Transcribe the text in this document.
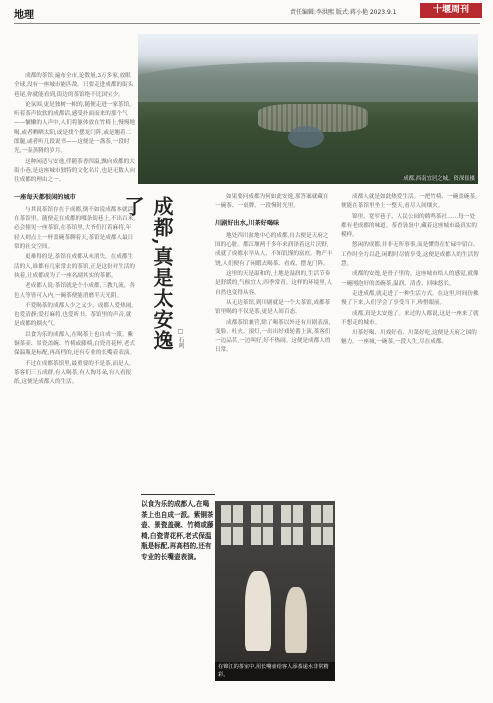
地理	责任编辑:李洪熙 版式:蒋小艳 2023.9.1	十堰周刊

成都的茶馆,遍布全市,论数量,3万多家,放眼全球,没有一座城市能匹敌。只要走进成都的街头巷尾,你就能看到,街边的茶馆绝不比国宝少。

论氛围,更是独树一帜的,随便走进一家茶馆,听着茶声软软的成都话,感受扑面而来的那个气——慵懒的人声中,人们将躯体放在竹椅上,慢慢地喝,或者晒晒太阳,或是找个摆龙门阵,或是翘着二郎腿,或者听几段说书——这便是一盏茶,一段时光,一壶蒸腾的岁月。

这种闲适与安逸,伴随茶香四溢,飘向成都的大街小巷,是这座城市独特的文化名片,也是无数人向往成都的理由之一。

一座每天都很闲的城市

与其说茶馆存在于成都,倒不如说成都本就活在茶馆里。随便走在成都的哪条街巷上,不出百米,必会撞见一座茶馆,在茶馆里,大爷们打着麻将,年轻人则点上一杯盖碗茶聊着天,茶馆是成都人最日常的社交空间。

更难得的是,茶馆在成都从未消失。在成都生活的人,谁都有几家常去的茶馆,正是这份对生活的执着,让成都成为了一座名副其实的茶都。

老成都人说:茶馆就是个小成都,三教九流、各色人等皆可入内,一碗茶便能消磨半天光阴。

不爱喝茶的成都人少之又少。成都人爱热闹,也爱清静;爱打麻将,也爱听书。茶馆里的声音,就是成都的烟火气。

以食为乐的成都人,在喝茶上也自成一派。紫铜茶壶、景瓷盖碗、竹椅或藤椅,白瓷青花杯,老式保温瓶是标配,再高档的,还有专业的长嘴壶表演。

不过在成都茶馆里,最重要的不是茶,而是人。茶客们三五成群,有人喝茶,有人掏耳朵,有人看报纸,这便是成都人的生活。

成都,西南宜居之城。资深崔摄
成都,真是太安逸了
□ 石鸣

如果要问成都为何如此安逸,那答案就藏在一碗茶、一桌牌、一段慢时光里。

川剧好出水,川茶好喝味

地处四川盆地中心的成都,自古便是天府之国的心脏。都江堰两千多年来润泽着这片沃野,成就了成都水旱从人、不知饥馑的富庶。物产丰饶,人们便有了闲暇去喝茶、看戏、摆龙门阵。

这里的天是温和的,土地是湿润的,生活节奏是舒缓的,气候宜人,四季常青。这样的环境里,人自然也变得从容。

从无边茶馆,到川剧就是一个大茶馆,成都茶馆里喝的不仅是茶,更是人间百态。

成都茶馆兼营,除了喝茶以外还有川剧表演,变脸、吐火、滚灯,一出出好戏轮番上演,茶客们一边品茗,一边叫好,好不热闹。这便是成都人的日常。

成都人就是如此热爱生活。一把竹椅、一碗盖碗茶,便能在茶馆里坐上一整天,看尽人间烟火。

锦里、宽窄巷子、人民公园的鹤鸣茶社……每一处都有老成都的味道。茶香袅袅中,藏着这座城市最真实的模样。

悠闲的成都,并非无所事事,而是懂得在忙碌中留白。工作时全力以赴,闲暇时尽情享受,这便是成都人的生活智慧。

成都的安逸,是骨子里的。这座城市给人的感觉,就像一碗刚泡好的盖碗茶,温润、清香、回味悠长。

走进成都,就走进了一种生活方式。在这里,时间仿佛慢了下来,人们学会了享受当下,珍惜眼前。

成都,真是太安逸了。来过的人都说,这是一座来了就不想走的城市。

川茶好喝、川戏好看、川菜好吃,这便是天府之国的魅力。一座城,一碗茶,一段人生,尽在成都。

以食为乐的成都人,在喝茶上也自成一派。紫铜茶壶、景瓷盖碗、竹椅或藤椅,白瓷青花杯,老式保温瓶是标配,再高档的,还有专业的长嘴壶表演。
在锦江的茶室中,用长嘴壶给客人添茶递水非常精彩。
